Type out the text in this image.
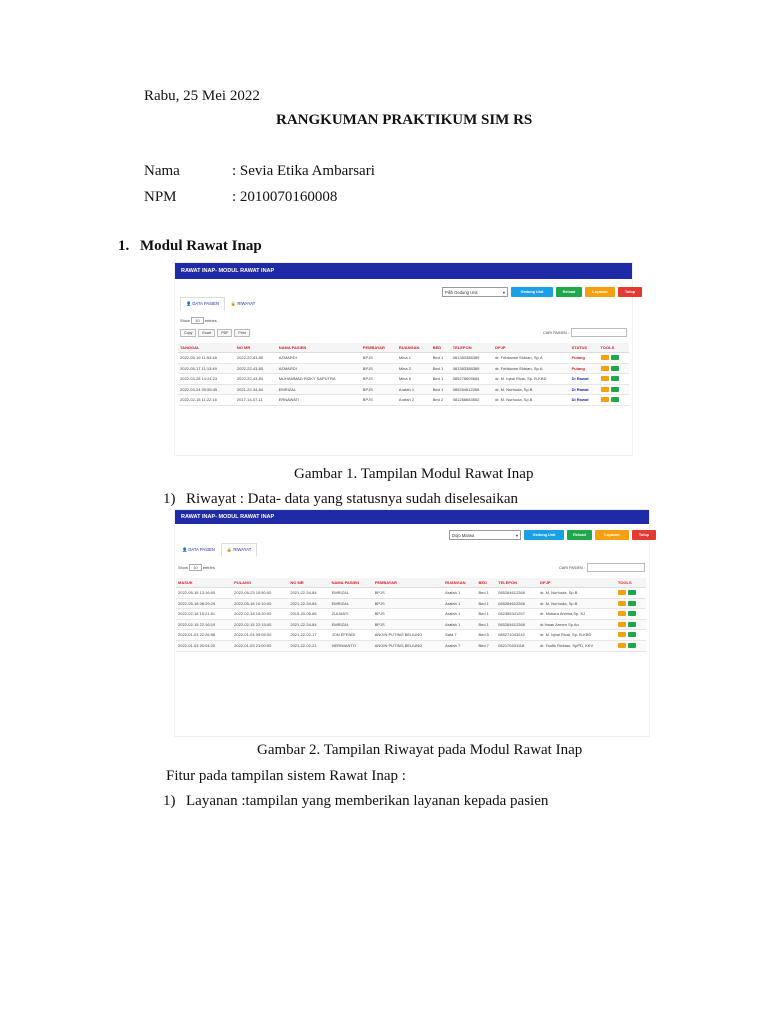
Rabu, 25 Mei 2022
RANGKUMAN PRAKTIKUM SIM RS
Nama	: Sevia Etika Ambarsari
NPM	: 2010070160008
1. Modul Rawat Inap
RAWAT INAP- MODUL RAWAT INAP
Pilih Gedung Unit	▾	Gedung Unit	Reload	Layanan	Tutup
👤 DATA PASIEN	🔒 RIWAYAT
Show 10 entries
Copy	Excel	PDF	Print	CARI PASIEN :
TANGGAL	NO MR	NAMA PASIEN	PEMBAYAR	RUANGAN	BED	TELEPON	DPJP	STATUS	TOOLS
2022-05-19 11:53:48	2022-22-43-85	AZMARDI	BPJS	Mina 1	Bed 1	081383388389	dr. Febiianne Ekbian, Sp.A	Pulang	

2022-05-17 11:13:49	2022-22-43-85	AZMARDI	BPJS	Mina 2	Bed 1	081383388389	dr. Febiianne Ekbian, Sp.A	Pulang	

2022-03-28 14:24:23	2022-22-43-84	MUHAMMAD RIZKY SAPUTRA	BPJS	Mina 6	Bed 1	085278609684	dr. M. Iqbal Rivai, Sp. B-KBD	Di Rawat	

2022-03-24 09:55:45	2021-22-34-84	EMRIZAL	BPJS	Arafah 1	Bed 1	085264612268	dr. M. Nurhuda, Sp.B	Di Rawat	

2022-02-15 11:22:16	2017-14-07-11	ERNAWATI	BPJS	Arafah 2	Bed 2	081268683552	dr. M. Nurhuda, Sp.B	Di Rawat	
Gambar 1. Tampilan Modul Rawat Inap
1) Riwayat : Data- data yang statusnya sudah diselesaikan
RAWAT INAP- MODUL RAWAT INAP
Dojo Marwa	▾	Gedung Unit	Reload	Layanan	Tutup
👤 DATA PASIEN	🔒 RIWAYAT
Show 10 entries	CARI PASIEN :
MASUK	PULANG	NO MR	NAMA PASIEN	PEMBAYAR	RUANGAN	BED	TELEPON	DPJP	TOOLS
2022-05-18 13:16:00	2022-05-23 10:50:00	2021-22-34-84	EMRIZAL	BPJS	Arafah 1	Bed 1	085264612268	dr. M. Nurhuda, Sp.B	

2022-05-18 08:29:29	2022-05-18 10:10:00	2021-22-34-84	EMRIZAL	BPJS	Arafah 1	Bed 1	085264612268	dr. M. Nurhuda, Sp.B	

2022-02-18 15:21:51	2022-02-18 15:20:00	2015-20-05-86	ZULMATI	BPJS	Arafah 1	Bed 1	082365341257	dr. Mutiara Amrisa,Sp. KJ	

2022-02-15 22:16:19	2022-02-15 22:15:00	2021-22-34-84	EMRIZAL	BPJS	Arafah 1	Bed 1	085264612268	dr.Ihsan Armen Sp An	

2022-01-03 22:26:56	2022-01-04 09:05:00	2021-22-02-17	JON EFENDI	ANGIN PUTING BELIUNG	Safa 7	Bed 5	085271043242	dr. M. Iqbal Rivai, Sp. B-KBD	

2022-01-03 20:04:20	2022-01-03 21:00:00	2021-22-02-21	HERIWANTO	ANGIN PUTING BELIUNG	Arafah 7	Bed 7	082170431118	dr. Taufik Rizkian, SpPD, KKV	
Gambar 2. Tampilan Riwayat pada Modul Rawat Inap
Fitur pada tampilan sistem Rawat Inap :
1) Layanan :tampilan yang memberikan layanan kepada pasien
